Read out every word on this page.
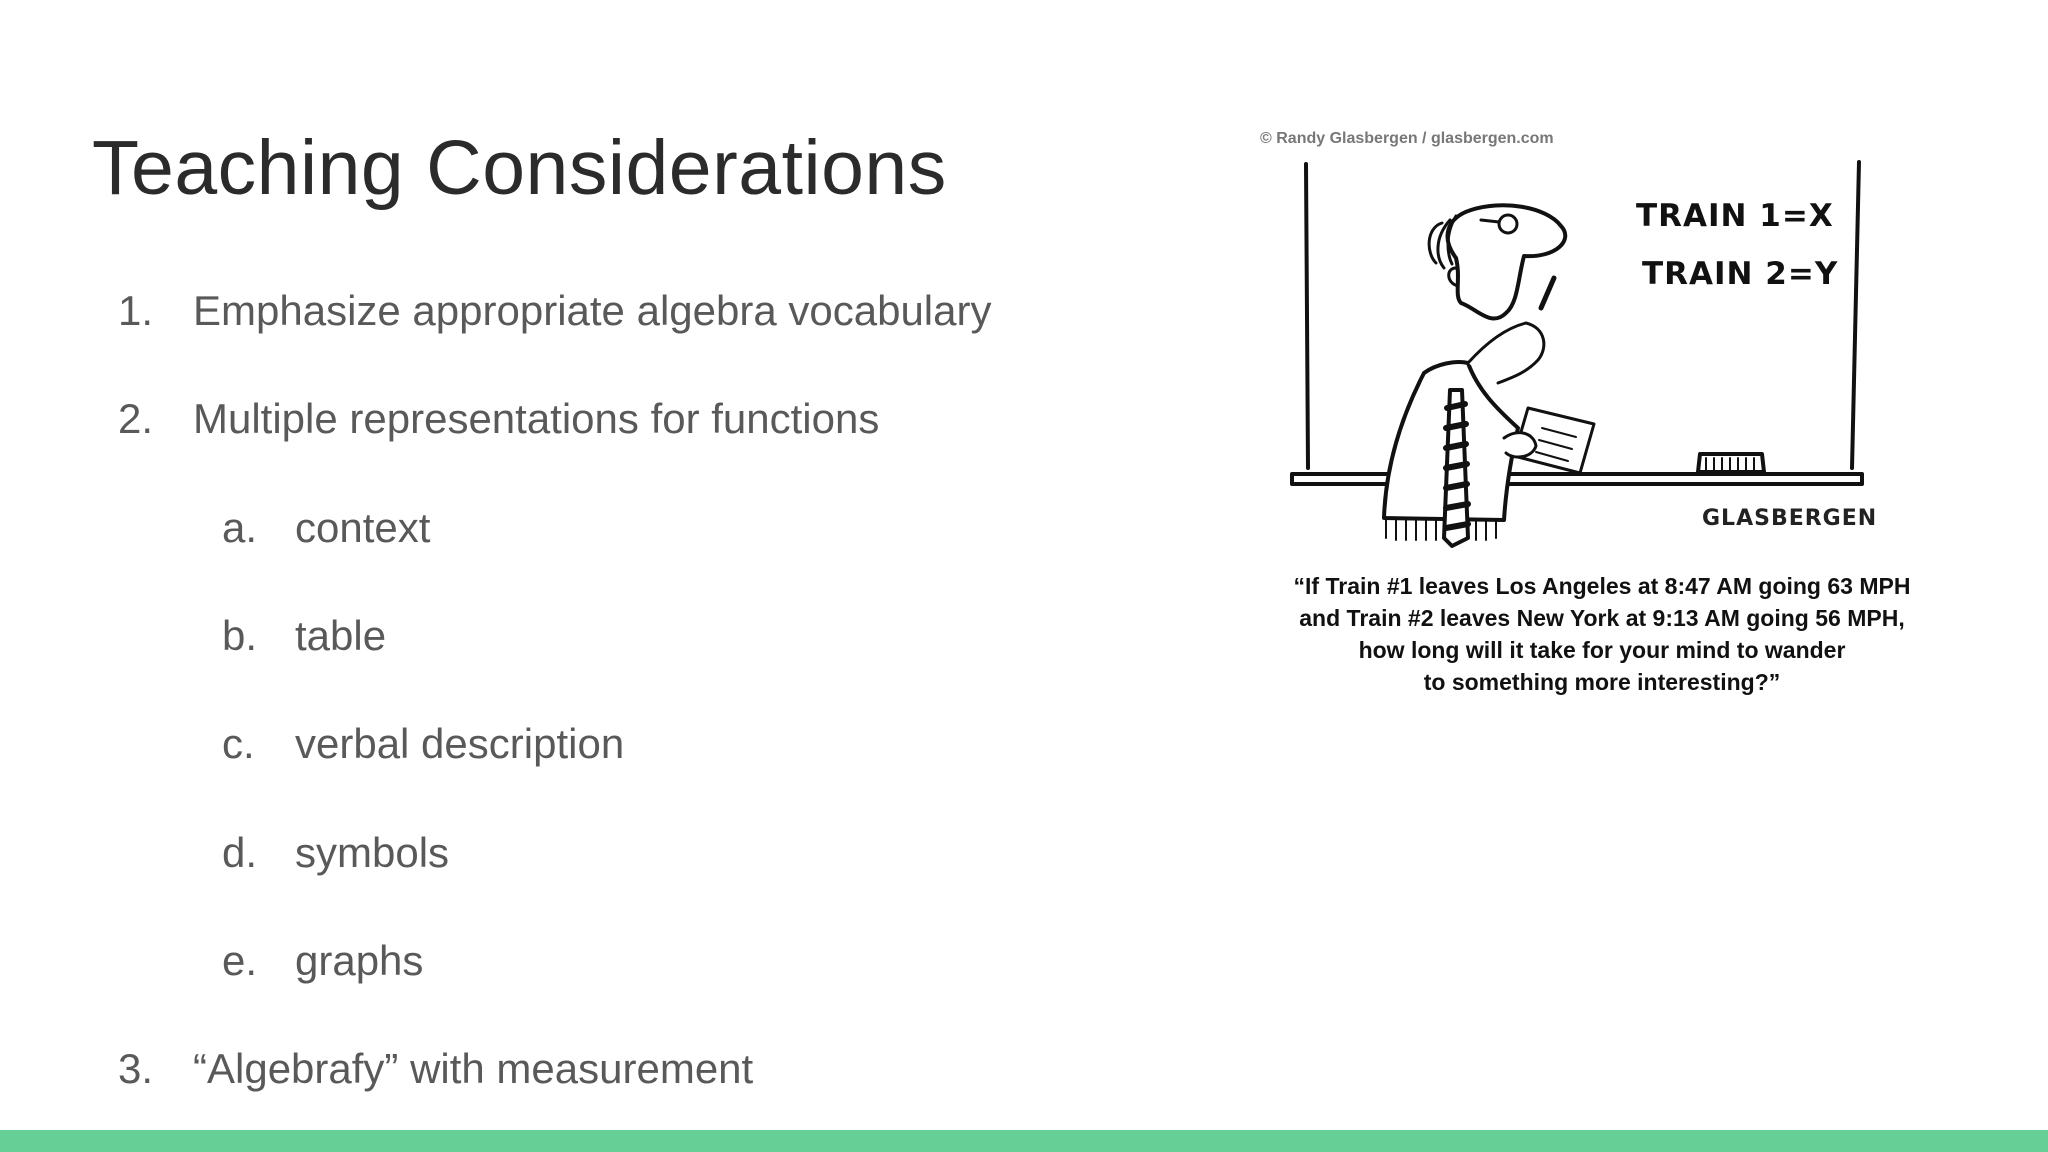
Teaching Considerations
1. Emphasize appropriate algebra vocabulary
2. Multiple representations for functions
a. context
b. table
c. verbal description
d. symbols
e. graphs
3. “Algebrafy” with measurement
© Randy Glasbergen / glasbergen.com
TRAIN 1=X
TRAIN 2=Y
GLASBERGEN
“If Train #1 leaves Los Angeles at 8:47 AM going 63 MPH
and Train #2 leaves New York at 9:13 AM going 56 MPH,
how long will it take for your mind to wander
to something more interesting?”
